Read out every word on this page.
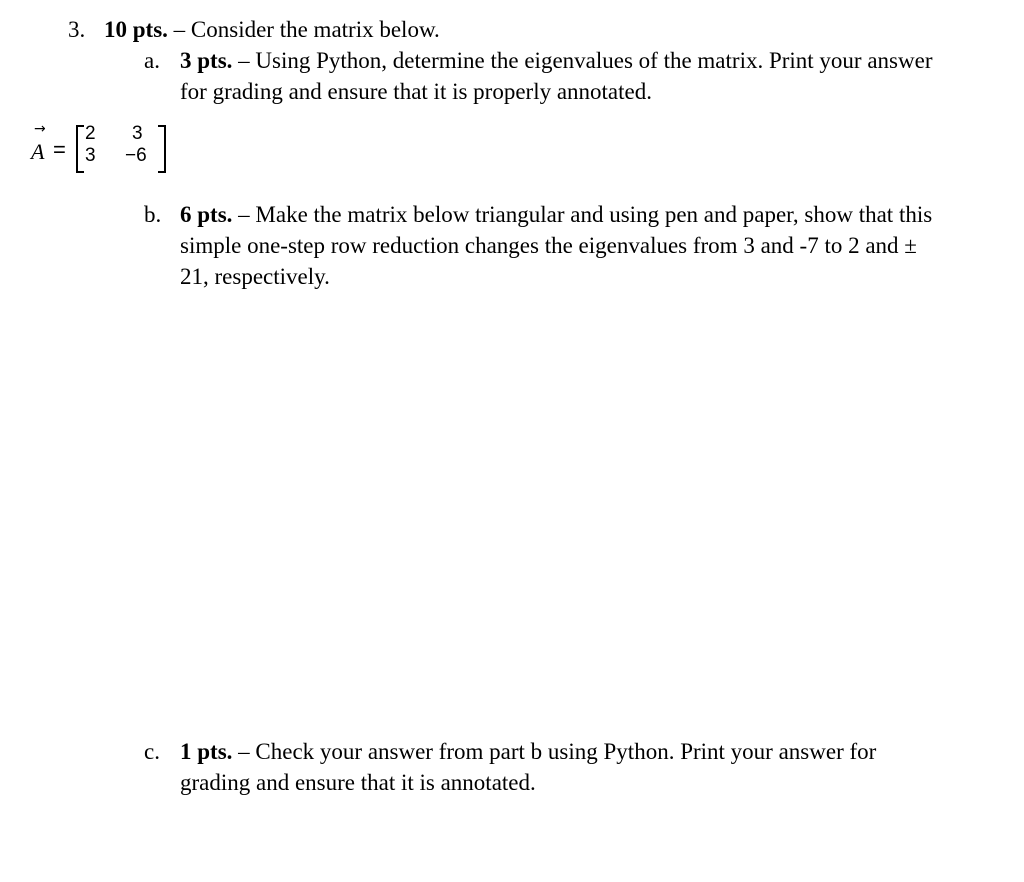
3. 10 pts. – Consider the matrix below.
a. 3 pts. – Using Python, determine the eigenvalues of the matrix. Print your answer
for grading and ensure that it is properly annotated.
→
A =
2 3
3 −6
b. 6 pts. – Make the matrix below triangular and using pen and paper, show that this
simple one-step row reduction changes the eigenvalues from 3 and -7 to 2 and ±
21, respectively.
c. 1 pts. – Check your answer from part b using Python. Print your answer for
grading and ensure that it is annotated.
